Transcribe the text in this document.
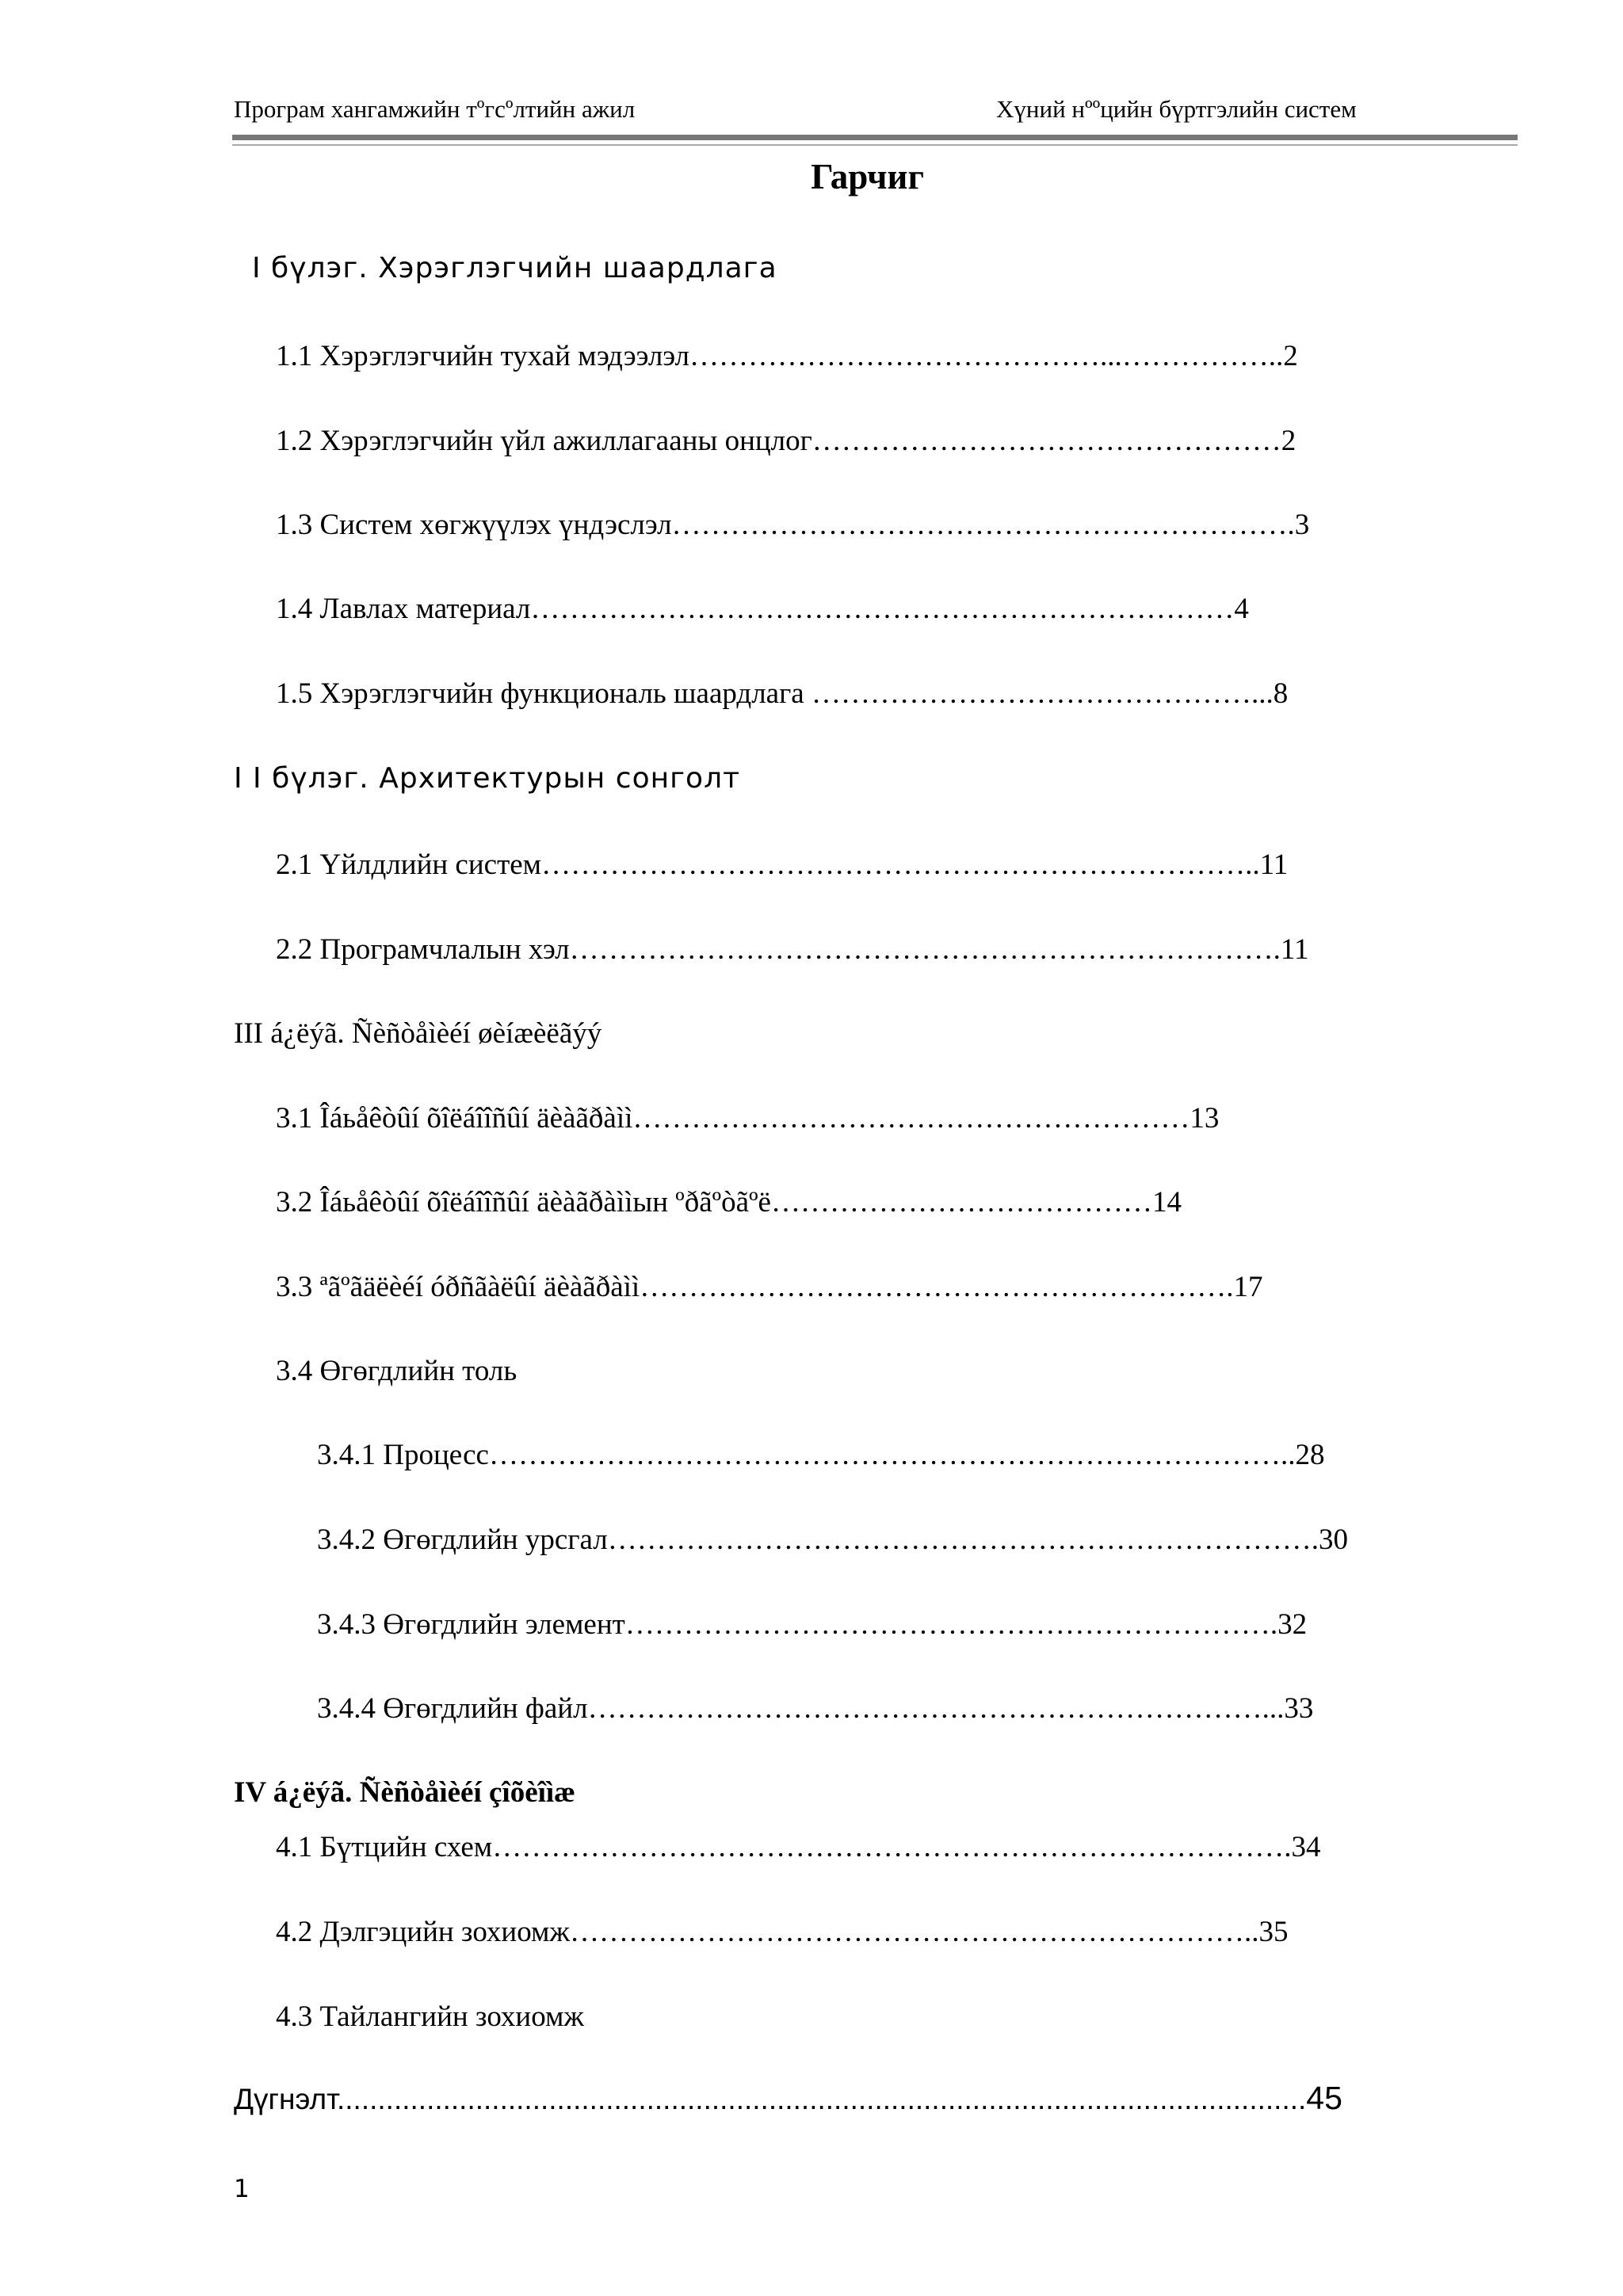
Програм хангамжийн тºгсºлтийн ажил	Хүний нººцийн бүртгэлийн систем
Гарчиг
I бүлэг. Хэрэглэгчийн шаардлага
1.1 Хэрэглэгчийн тухай мэдээлэл……………………………………...……………..2
1.2 Хэрэглэгчийн үйл ажиллагааны онцлог…………………………………………2
1.3 Систем хөгжүүлэх үндэслэл……………………………………………………….3
1.4 Лавлах материал………………………………………………………………4
1.5 Хэрэглэгчийн функциональ шаардлага ………………………………………...8
I I бүлэг. Архитектурын сонголт
2.1 Үйлдлийн систем………………………………………………………………..11
2.2 Програмчлалын хэл……………………………………………………………….11
III á¿ëýã. Ñèñòåìèéí øèíæèëãýý
3.1 Îáьåêòûí õîëáîîñûí äèàãðàìì…………………………………………………13
3.2 Îáьåêòûí õîëáîîñûí äèàãðàììын ºðãºòãºë…………………………………14
3.3 ªãºãäëèéí óðñãàëûí äèàãðàìì…………………………………………………….17
3.4 Өгөгдлийн толь
3.4.1 Процесс………………………………………………………………………..28
3.4.2 Өгөгдлийн урсгал……………………………………………………………….30
3.4.3 Өгөгдлийн элемент………………………………………………………….32
3.4.4 Өгөгдлийн файл……………………………………………………………...33
IV á¿ëýã. Ñèñòåìèéí çîõèîìæ
4.1 Бүтцийн схем……………………………………………………………………….34
4.2 Дэлгэцийн зохиомж……………………………………………………………..35
4.3 Тайлангийн зохиомж
Дүгнэлт.......................................................................................................................45
1
